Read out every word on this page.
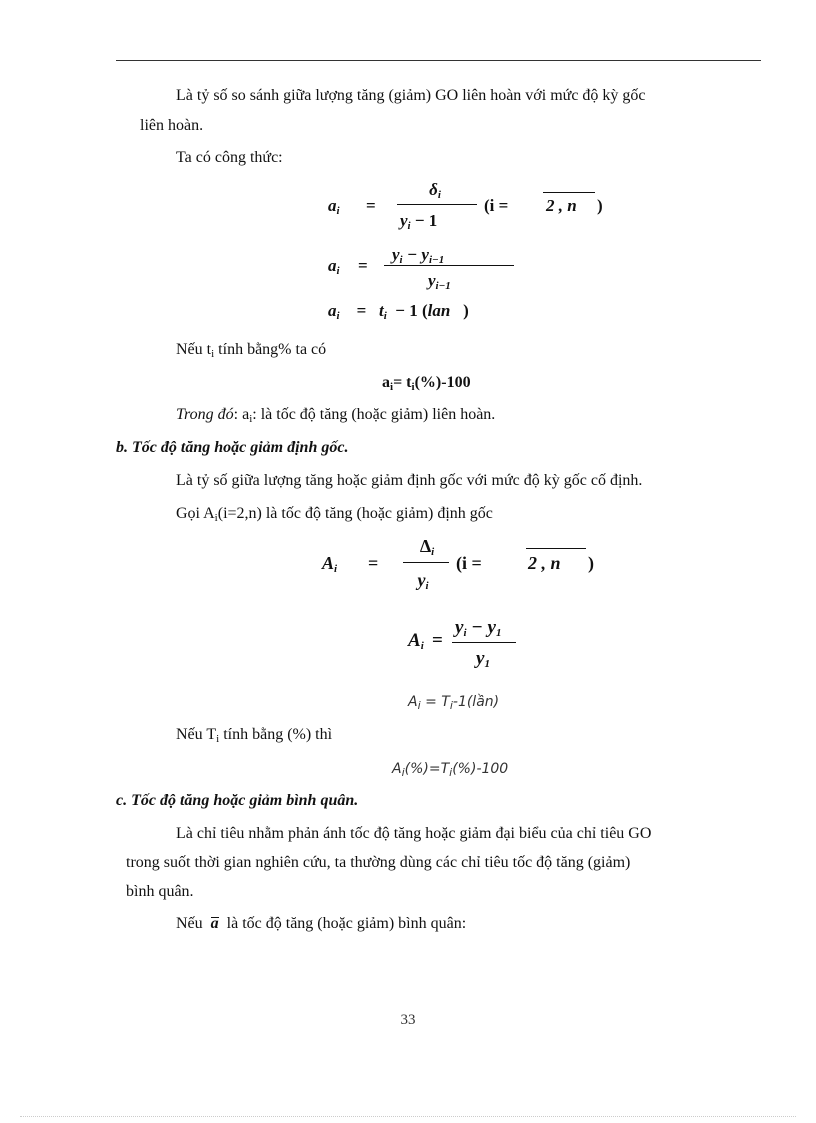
Là tỷ số so sánh giữa lượng tăng (giảm) GO liên hoàn với mức độ kỳ gốc
liên hoàn.
Ta có công thức:
$a_i$ =
$\delta_i$
$y_i - 1$
(i = 2 , n )
$a_i$ =
$y_i - y_{i-1}$
$y_{i-1}$
$a_i = t_i - 1$ (lan )
Nếu $t_i$ tính bằng% ta có
$a_i= t_i(\%)-100$
Trong đó: $a_i$: là tốc độ tăng (hoặc giảm) liên hoàn.
b. Tốc độ tăng hoặc giảm định gốc.
Là tỷ số giữa lượng tăng hoặc giảm định gốc với mức độ kỳ gốc cố định.
Gọi $A_i(i=2,n)$ là tốc độ tăng (hoặc giảm) định gốc
$A_i$ =
$\Delta_i$
$y_i$
(i =	2 , n )
$A_i$ =
$y_i - y_1$
$y_1$
$A_i$ = $T_i-1(lần)$
Nếu $T_i$ tính bằng (%) thì
$A_i(\%)=T_i(\%)-100$
c. Tốc độ tăng hoặc giảm bình quân.
Là chỉ tiêu nhằm phản ánh tốc độ tăng hoặc giảm đại biểu của chỉ tiêu GO
trong suốt thời gian nghiên cứu, ta thường dùng các chỉ tiêu tốc độ tăng (giảm)
bình quân.
Nếu a là tốc độ tăng (hoặc giảm) bình quân:
33
